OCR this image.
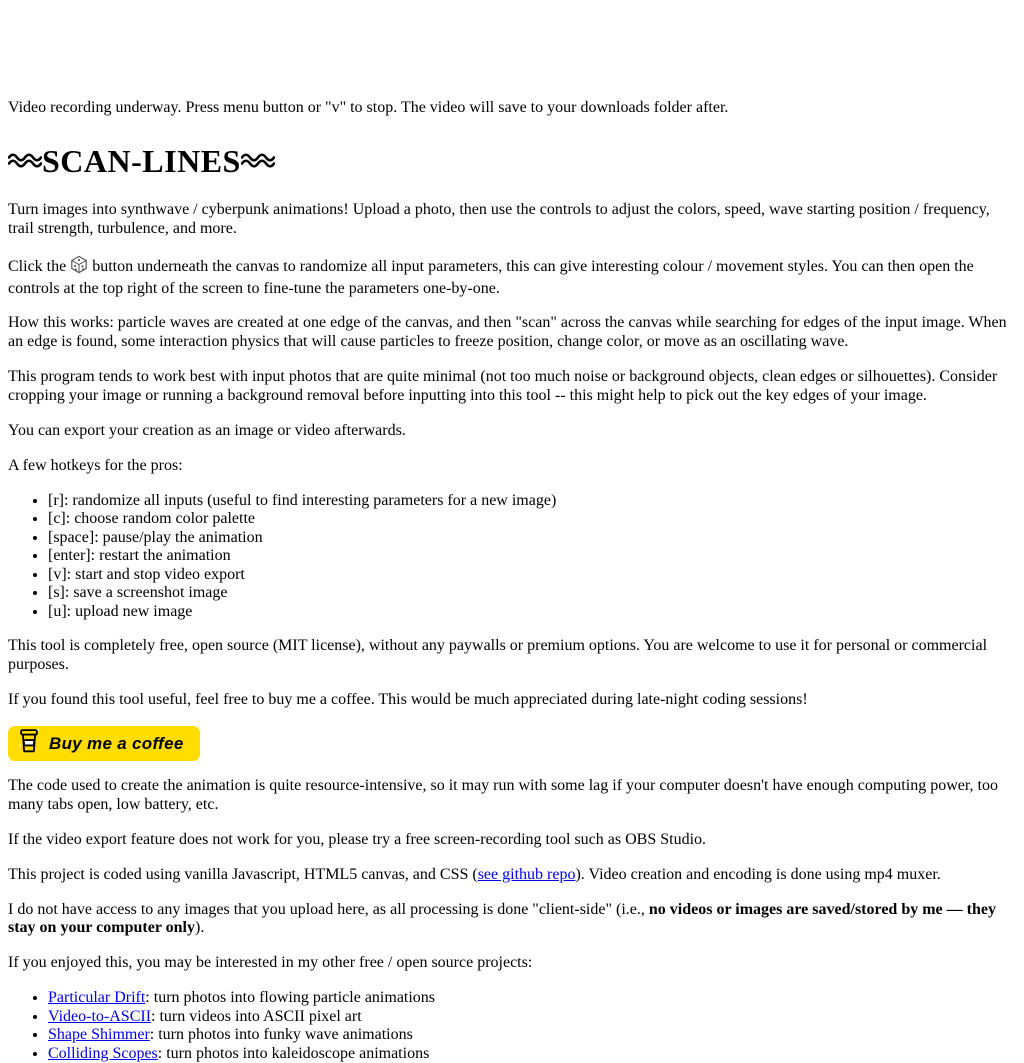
Video recording underway. Press menu button or "v" to stop. The video will save to your downloads folder after.

SCAN-LINES

Turn images into synthwave / cyberpunk animations! Upload a photo, then use the controls to adjust the colors, speed, wave starting position / frequency, trail strength, turbulence, and more.

Click the  button underneath the canvas to randomize all input parameters, this can give interesting colour / movement styles. You can then open the controls at the top right of the screen to fine-tune the parameters one-by-one.

How this works: particle waves are created at one edge of the canvas, and then "scan" across the canvas while searching for edges of the input image. When an edge is found, some interaction physics that will cause particles to freeze position, change color, or move as an oscillating wave.

This program tends to work best with input photos that are quite minimal (not too much noise or background objects, clean edges or silhouettes). Consider cropping your image or running a background removal before inputting into this tool -- this might help to pick out the key edges of your image.

You can export your creation as an image or video afterwards.

A few hotkeys for the pros:

• [r]: randomize all inputs (useful to find interesting parameters for a new image)
• [c]: choose random color palette
• [space]: pause/play the animation
• [enter]: restart the animation
• [v]: start and stop video export
• [s]: save a screenshot image
• [u]: upload new image

This tool is completely free, open source (MIT license), without any paywalls or premium options. You are welcome to use it for personal or commercial purposes.

If you found this tool useful, feel free to buy me a coffee. This would be much appreciated during late-night coding sessions!

Buy me a coffee

The code used to create the animation is quite resource-intensive, so it may run with some lag if your computer doesn't have enough computing power, too many tabs open, low battery, etc.

If the video export feature does not work for you, please try a free screen-recording tool such as OBS Studio.

This project is coded using vanilla Javascript, HTML5 canvas, and CSS (see github repo). Video creation and encoding is done using mp4 muxer.

I do not have access to any images that you upload here, as all processing is done "client-side" (i.e., no videos or images are saved/stored by me — they stay on your computer only).

If you enjoyed this, you may be interested in my other free / open source projects:

• Particular Drift: turn photos into flowing particle animations
• Video-to-ASCII: turn videos into ASCII pixel art
• Shape Shimmer: turn photos into funky wave animations
• Colliding Scopes: turn photos into kaleidoscope animations
